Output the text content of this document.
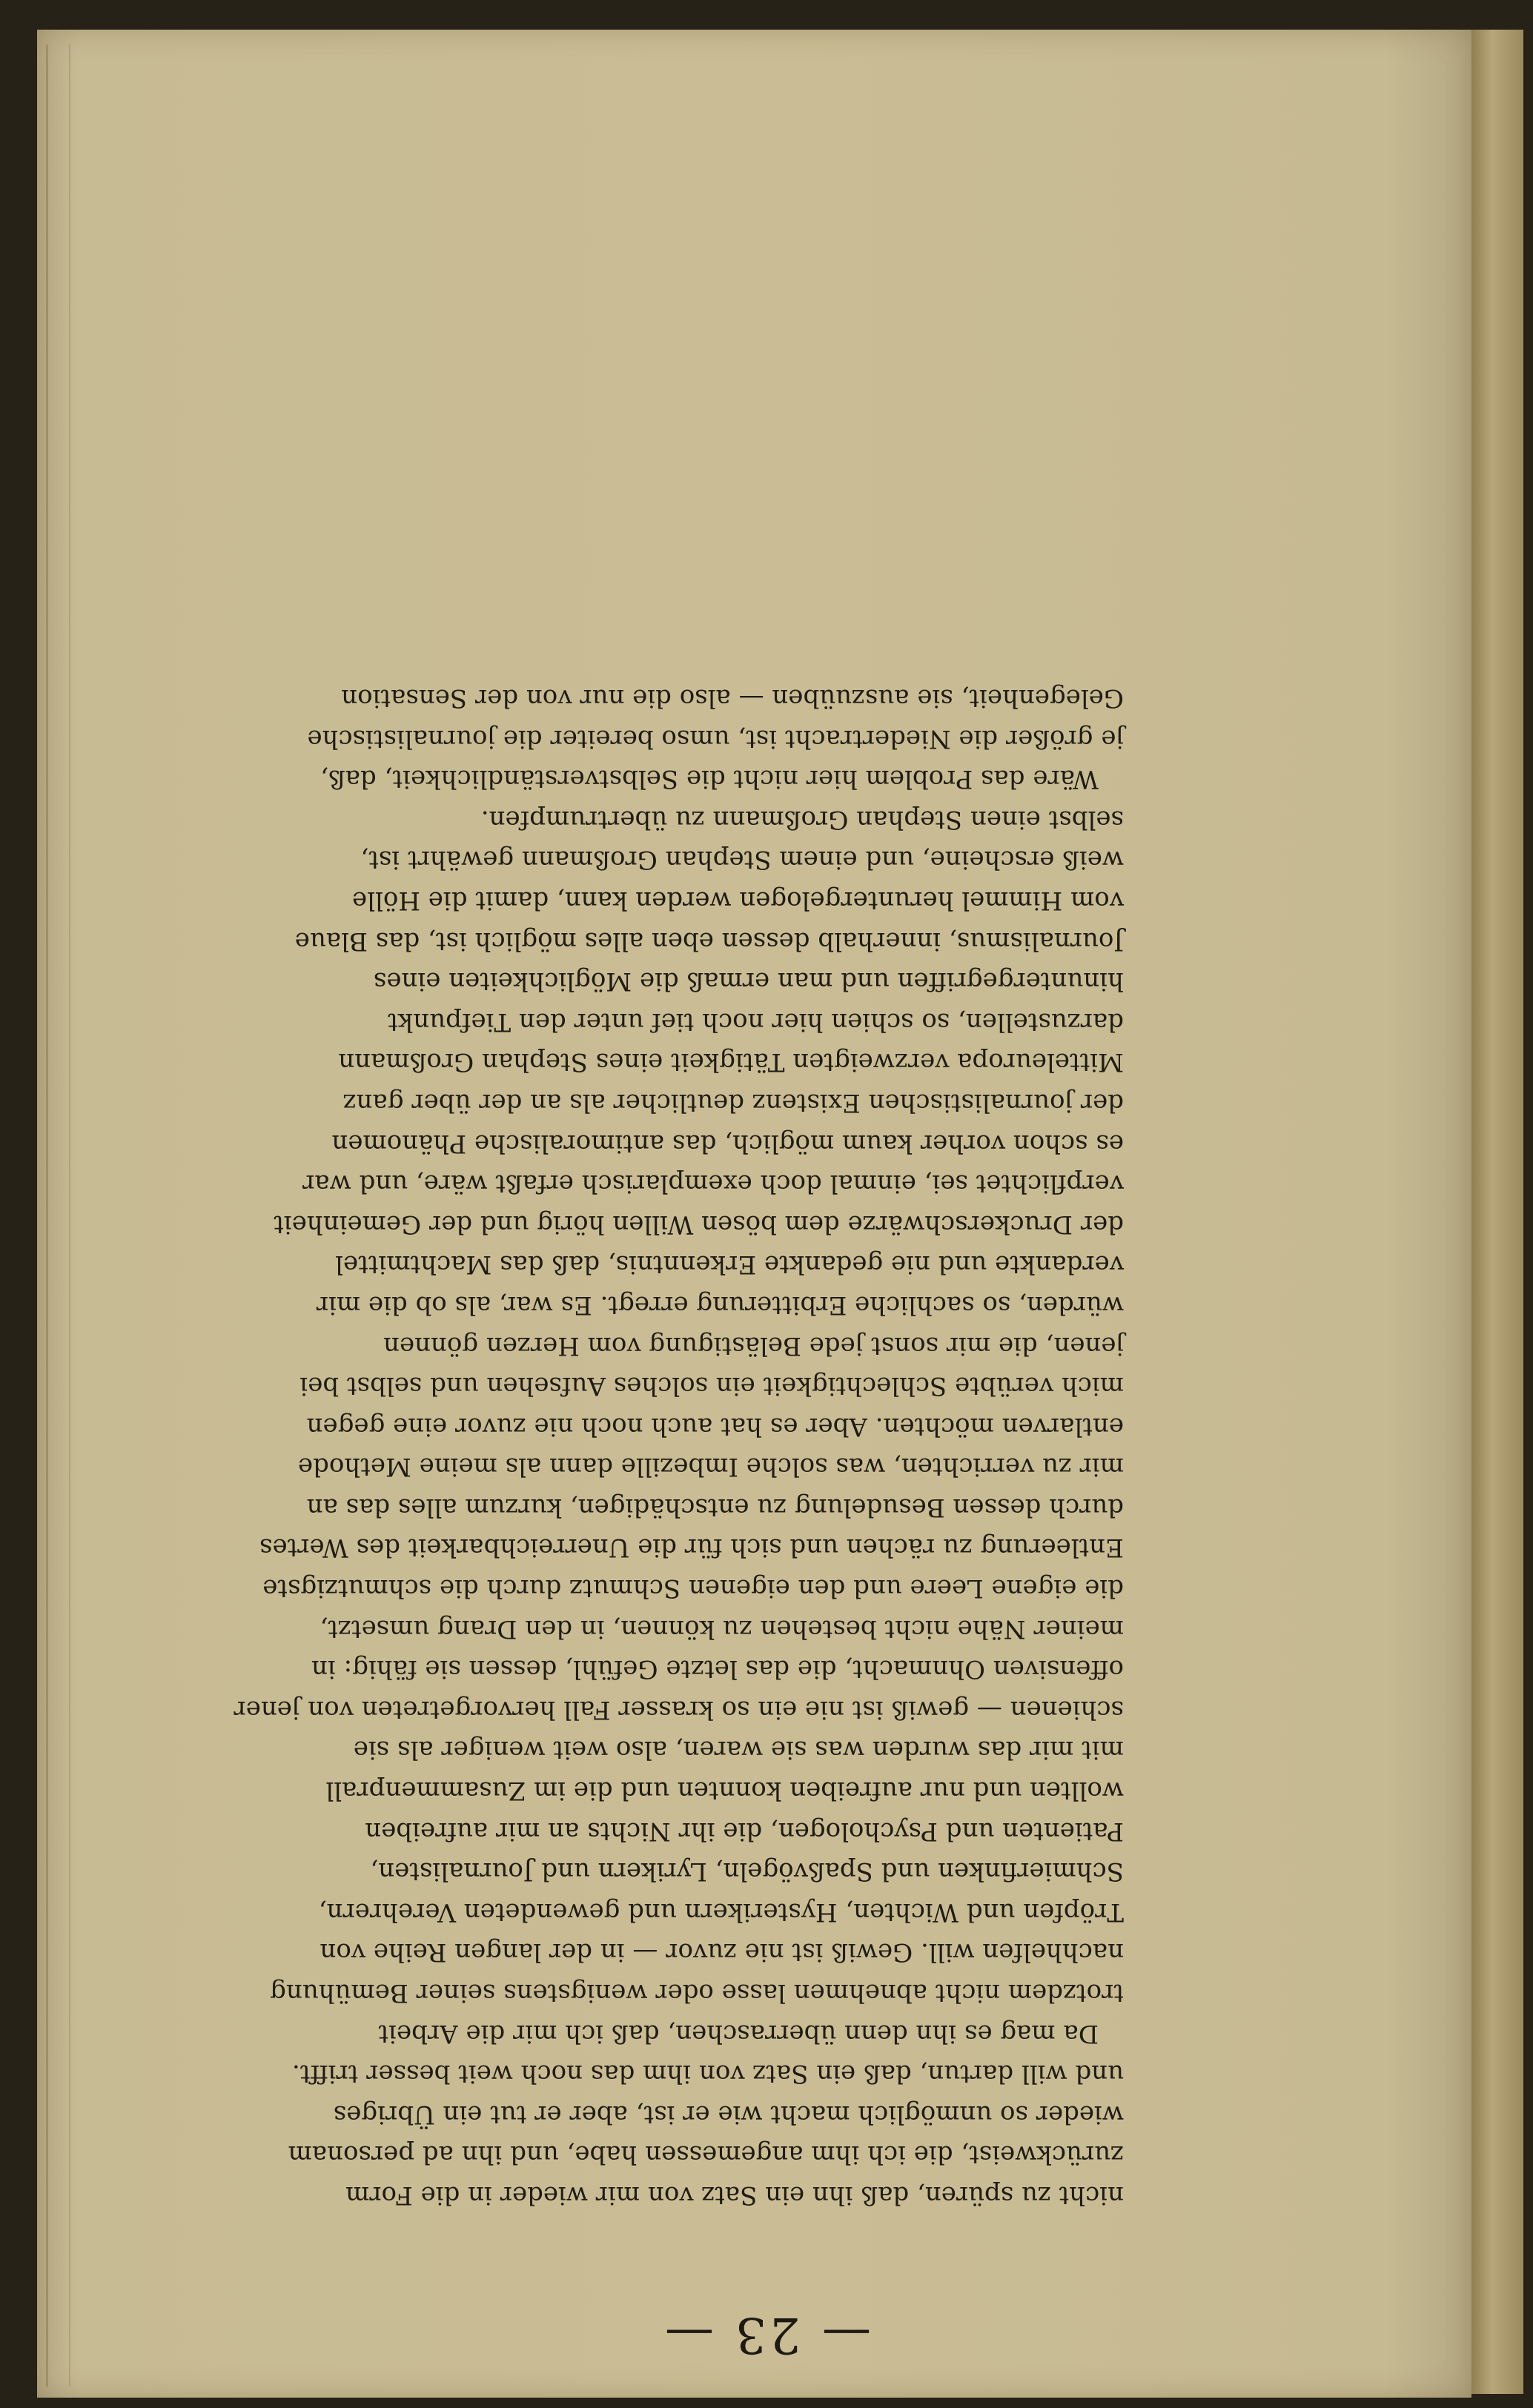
— 23 —
nicht zu spüren, daß ihn ein Satz von mir wieder in die Form
zurückweist, die ich ihm angemessen habe, und ihn ad personam
wieder so unmöglich macht wie er ist, aber er tut ein Übriges
und will dartun, daß ein Satz von ihm das noch weit besser trifft.
Da mag es ihn denn überraschen, daß ich mir die Arbeit
trotzdem nicht abnehmen lasse oder wenigstens seiner Bemühung
nachhelfen will. Gewiß ist nie zuvor — in der langen Reihe von
Tröpfen und Wichten, Hysterikern und gewendeten Verehrern,
Schmierfinken und Spaßvögeln, Lyrikern und Journalisten,
Patienten und Psychologen, die ihr Nichts an mir aufreiben
wollten und nur aufreiben konnten und die im Zusammenprall
mit mir das wurden was sie waren, also weit weniger als sie
schienen — gewiß ist nie ein so krasser Fall hervorgetreten von jener
offensiven Ohnmacht, die das letzte Gefühl, dessen sie fähig: in
meiner Nähe nicht bestehen zu können, in den Drang umsetzt,
die eigene Leere und den eigenen Schmutz durch die schmutzigste
Entleerung zu rächen und sich für die Unerreichbarkeit des Wertes
durch dessen Besudelung zu entschädigen, kurzum alles das an
mir zu verrichten, was solche Imbezille dann als meine Methode
entlarven möchten. Aber es hat auch noch nie zuvor eine gegen
mich verübte Schlechtigkeit ein solches Aufsehen und selbst bei
jenen, die mir sonst jede Belästigung vom Herzen gönnen
würden, so sachliche Erbitterung erregt. Es war, als ob die mir
verdankte und nie gedankte Erkenntnis, daß das Machtmittel
der Druckerschwärze dem bösen Willen hörig und der Gemeinheit
verpflichtet sei, einmal doch exemplarisch erfaßt wäre, und war
es schon vorher kaum möglich, das antimoralische Phänomen
der journalistischen Existenz deutlicher als an der über ganz
Mitteleuropa verzweigten Tätigkeit eines Stephan Großmann
darzustellen, so schien hier noch tief unter den Tiefpunkt
hinuntergegriffen und man ermaß die Möglichkeiten eines
Journalismus, innerhalb dessen eben alles möglich ist, das Blaue
vom Himmel heruntergelogen werden kann, damit die Hölle
weiß erscheine, und einem Stephan Großmann gewährt ist,
selbst einen Stephan Großmann zu übertrumpfen.
Wäre das Problem hier nicht die Selbstverständlichkeit, daß,
je größer die Niedertracht ist, umso bereiter die journalistische
Gelegenheit, sie auszuüben — also die nur von der Sensation
